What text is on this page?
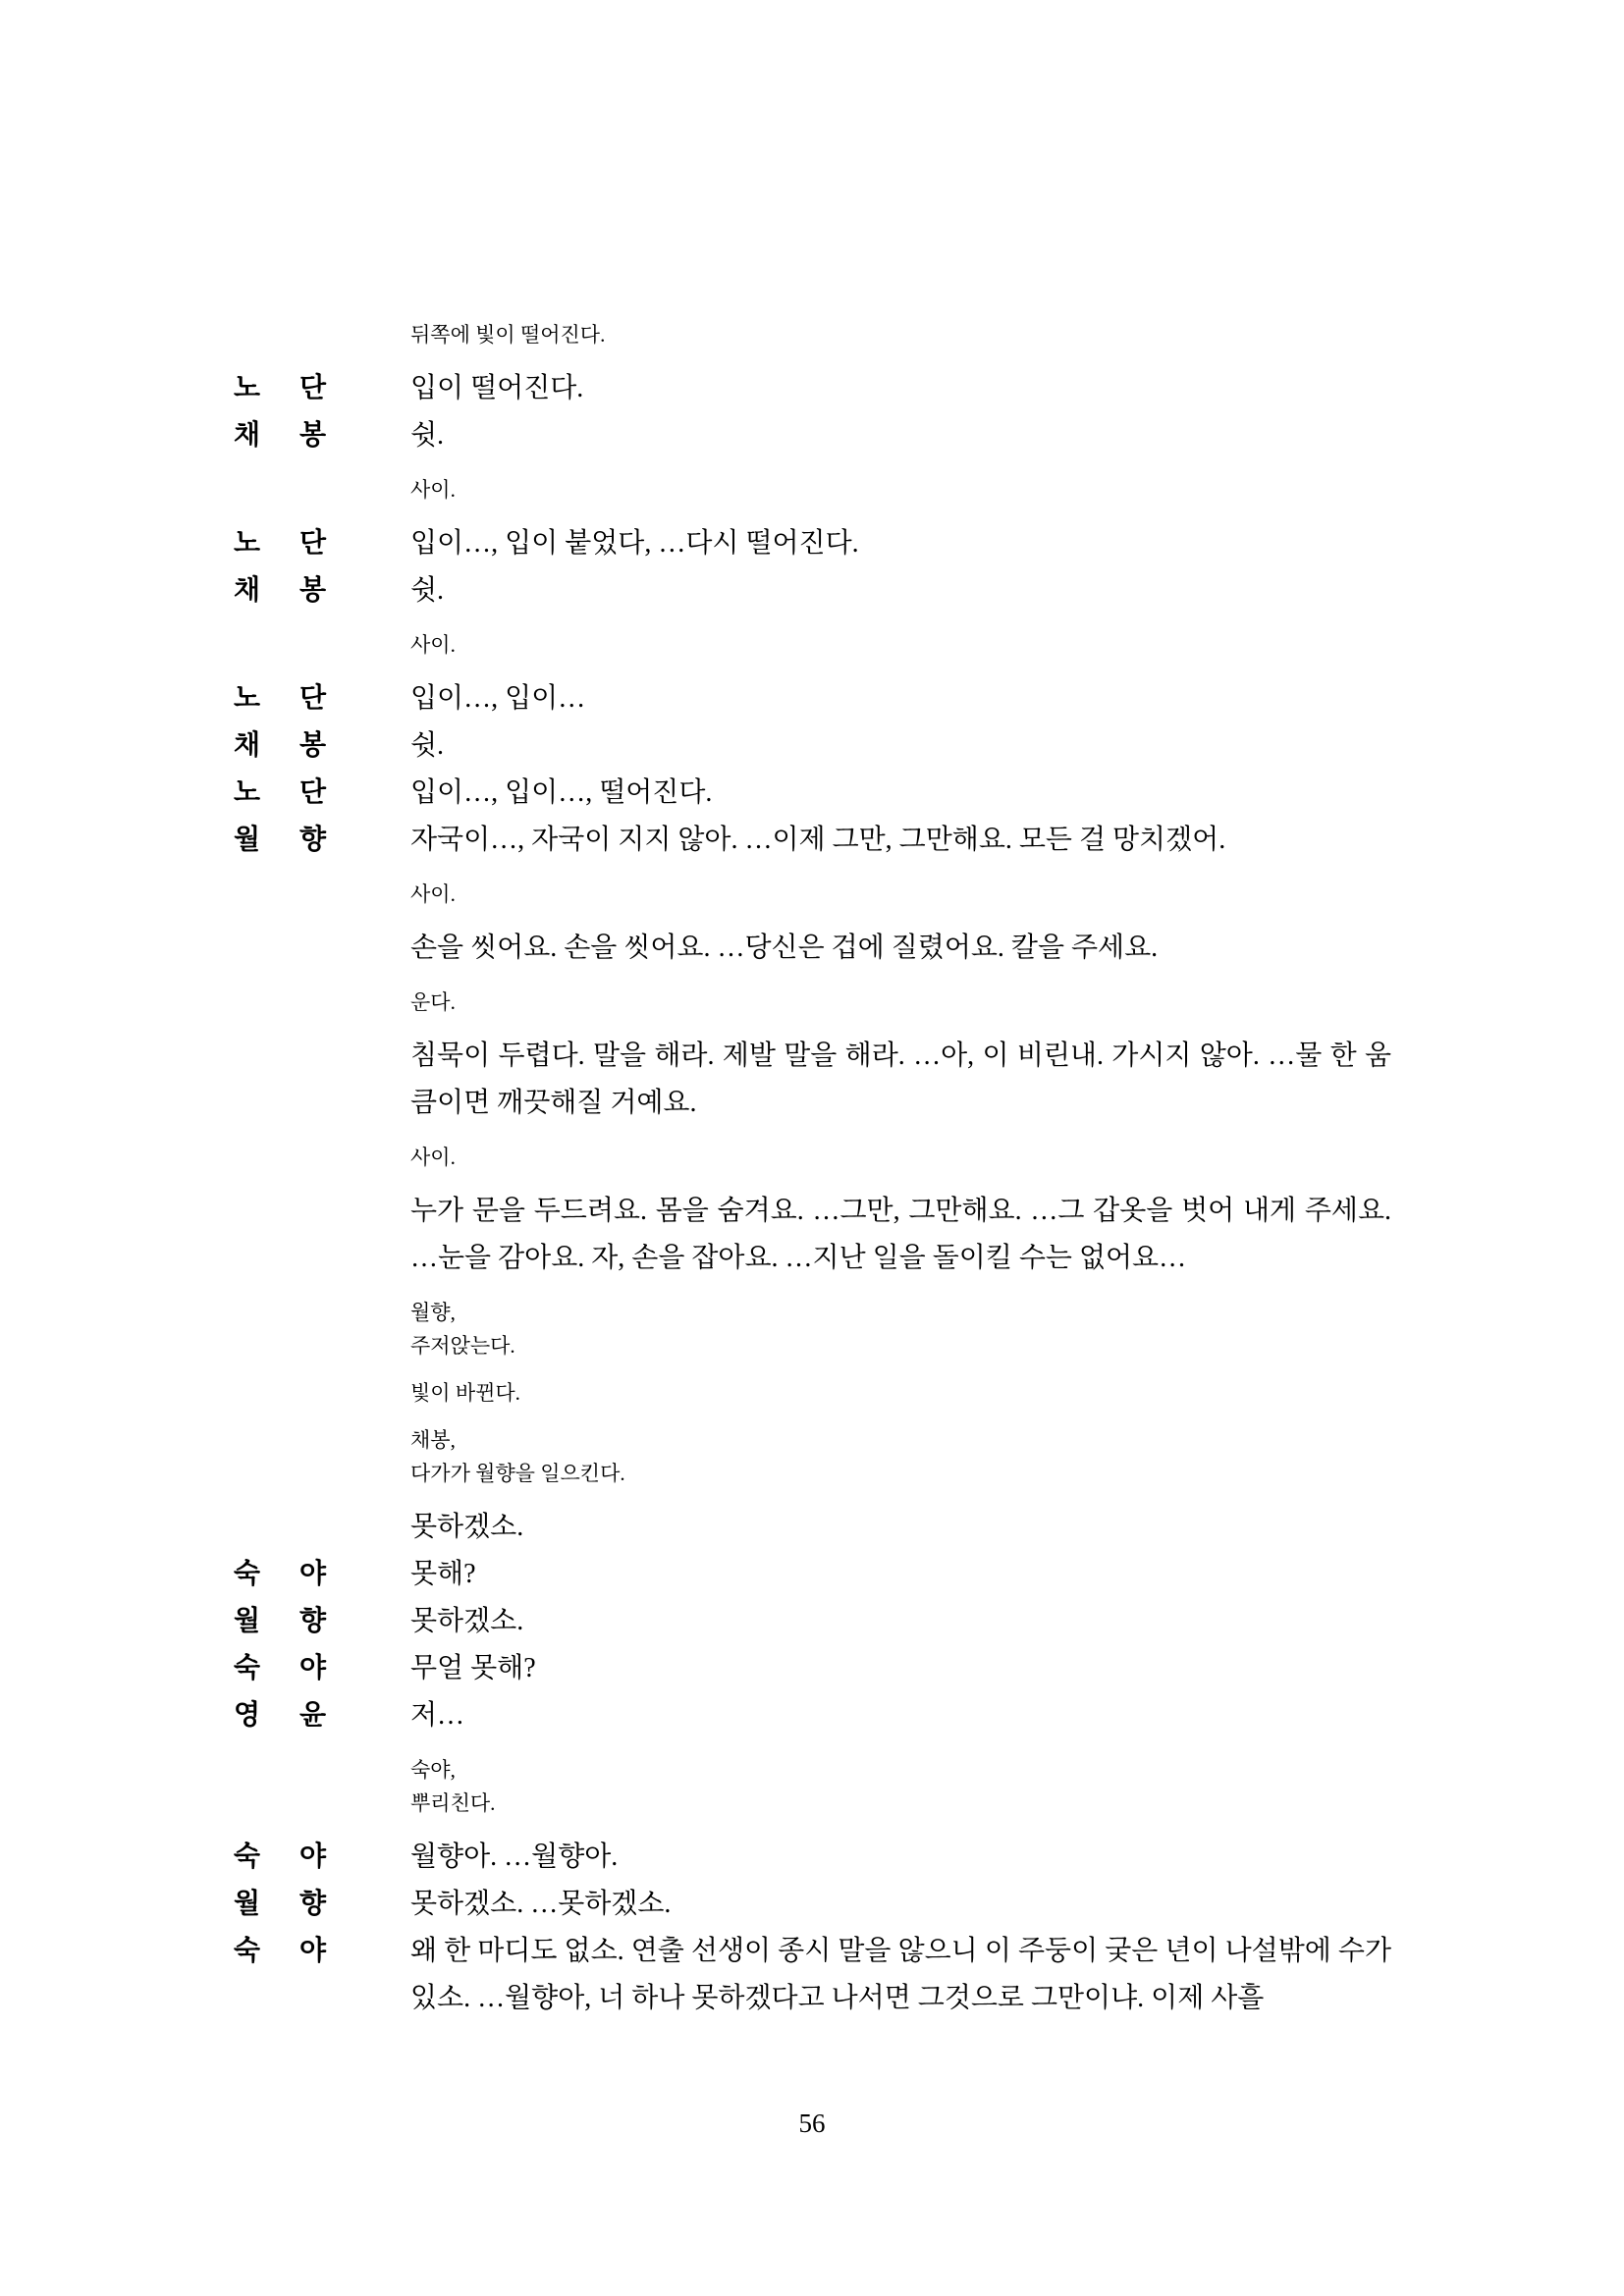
뒤쪽에 빛이 떨어진다.
노 단	입이 떨어진다.
채 봉	쉿.
사이.
노 단	입이…, 입이 붙었다, …다시 떨어진다.
채 봉	쉿.
사이.
노 단	입이…, 입이…
채 봉	쉿.
노 단	입이…, 입이…, 떨어진다.
월 향	자국이…, 자국이 지지 않아. …이제 그만, 그만해요. 모든 걸 망치겠어.
사이.
손을 씻어요. 손을 씻어요. …당신은 겁에 질렸어요. 칼을 주세요.
운다.
침묵이 두렵다. 말을 해라. 제발 말을 해라. …아, 이 비린내. 가시지 않아. …물 한 움큼이면 깨끗해질 거예요.
사이.
누가 문을 두드려요. 몸을 숨겨요. …그만, 그만해요. …그 갑옷을 벗어 내게 주세요. …눈을 감아요. 자, 손을 잡아요. …지난 일을 돌이킬 수는 없어요…
월향,
주저앉는다.
빛이 바뀐다.
채봉,
다가가 월향을 일으킨다.
못하겠소.
숙 야	못해?
월 향	못하겠소.
숙 야	무얼 못해?
영 윤	저…
숙야,
뿌리친다.
숙 야	월향아. …월향아.
월 향	못하겠소. …못하겠소.
숙 야	왜 한 마디도 없소. 연출 선생이 종시 말을 않으니 이 주둥이 궂은 년이 나설밖에 수가 있소. …월향아, 너 하나 못하겠다고 나서면 그것으로 그만이냐. 이제 사흘
56
